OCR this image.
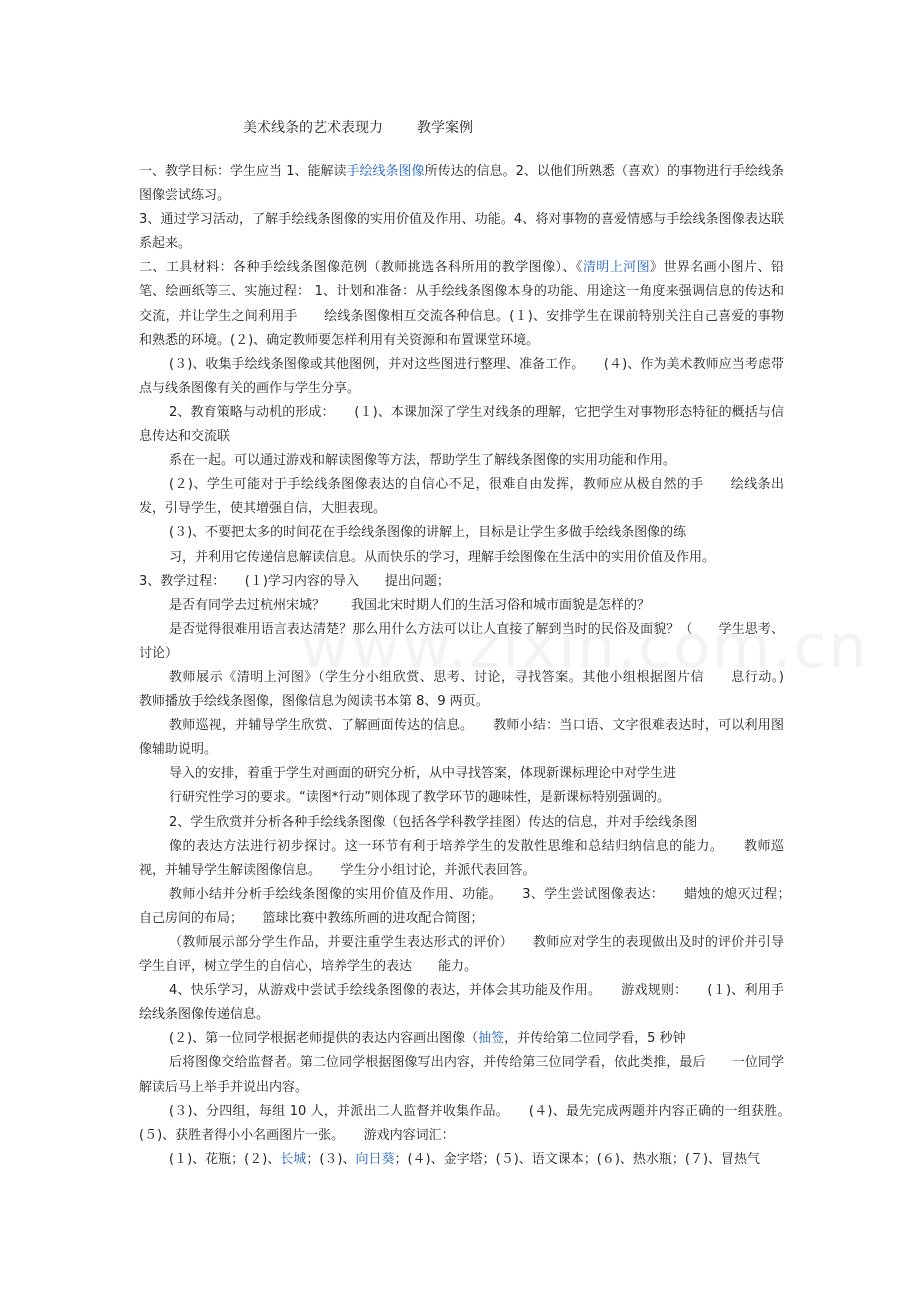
美术线条的艺术表现力 教学案例

一、教学目标：学生应当 1、能解读手绘线条图像所传达的信息。2、以他们所熟悉（喜欢）的事物进行手绘线条图像尝试练习。

3、通过学习活动，了解手绘线条图像的实用价值及作用、功能。4、将对事物的喜爱情感与手绘线条图像表达联系起来。

二、工具材料：各种手绘线条图像范例（教师挑选各科所用的教学图像）、《清明上河图》世界名画小图片、铅笔、绘画纸等三、实施过程： 1、计划和准备：从手绘线条图像本身的功能、用途这一角度来强调信息的传达和交流，并让学生之间利用手　　绘线条图像相互交流各种信息。(１)、安排学生在课前特别关注自己喜爱的事物和熟悉的环境。(２)、确定教师要怎样利用有关资源和布置课堂环境。

(３)、收集手绘线条图像或其他图例，并对这些图进行整理、准备工作。　　(４)、作为美术教师应当考虑带点与线条图像有关的画作与学生分享。

2、教育策略与动机的形成：　　(１)、本课加深了学生对线条的理解，它把学生对事物形态特征的概括与信息传达和交流联

系在一起。可以通过游戏和解读图像等方法，帮助学生了解线条图像的实用功能和作用。

(２)、学生可能对于手绘线条图像表达的自信心不足，很难自由发挥，教师应从极自然的手　　绘线条出发，引导学生，使其增强自信，大胆表现。

(３)、不要把太多的时间花在手绘线条图像的讲解上，目标是让学生多做手绘线条图像的练

习，并利用它传递信息解读信息。从而快乐的学习，理解手绘图像在生活中的实用价值及作用。

3、教学过程：　　(１)学习内容的导入　　提出问题；

是否有同学去过杭州宋城？　　我国北宋时期人们的生活习俗和城市面貌是怎样的？

是否觉得很难用语言表达清楚？那么用什么方法可以让人直接了解到当时的民俗及面貌？（　　学生思考、讨论）

教师展示《清明上河图》（学生分小组欣赏、思考、讨论，寻找答案。其他小组根据图片信　　息行动。)　　教师播放手绘线条图像，图像信息为阅读书本第 8、9 两页。

教师巡视，并辅导学生欣赏、了解画面传达的信息。　　教师小结：当口语、文字很难表达时，可以利用图像辅助说明。

导入的安排，着重于学生对画面的研究分析，从中寻找答案，体现新课标理论中对学生进

行研究性学习的要求。“读图*行动”则体现了教学环节的趣味性，是新课标特别强调的。

2、学生欣赏并分析各种手绘线条图像（包括各学科教学挂图）传达的信息，并对手绘线条图

像的表达方法进行初步探讨。这一环节有利于培养学生的发散性思维和总结归纳信息的能力。　　教师巡视，并辅导学生解读图像信息。　　学生分小组讨论，并派代表回答。

教师小结并分析手绘线条图像的实用价值及作用、功能。　　3、学生尝试图像表达：　　蜡烛的熄灭过程；　　自己房间的布局；　　篮球比赛中教练所画的进攻配合简图；

（教师展示部分学生作品，并要注重学生表达形式的评价）　　教师应对学生的表现做出及时的评价并引导学生自评，树立学生的自信心，培养学生的表达　　能力。

4、快乐学习，从游戏中尝试手绘线条图像的表达，并体会其功能及作用。　　游戏规则：　　(１)、利用手绘线条图像传递信息。

(２)、第一位同学根据老师提供的表达内容画出图像（抽签，并传给第二位同学看，5 秒钟

后将图像交给监督者。第二位同学根据图像写出内容，并传给第三位同学看，依此类推，最后　　一位同学解读后马上举手并说出内容。

(３)、分四组，每组 10 人，并派出二人监督并收集作品。　　(４)、最先完成两题并内容正确的一组获胜。　　(５)、获胜者得小小名画图片一张。　　游戏内容词汇：

(１)、花瓶；(２)、长城；(３)、向日葵；(４)、金字塔；(５)、语文课本；(６)、热水瓶；(７)、冒热气
